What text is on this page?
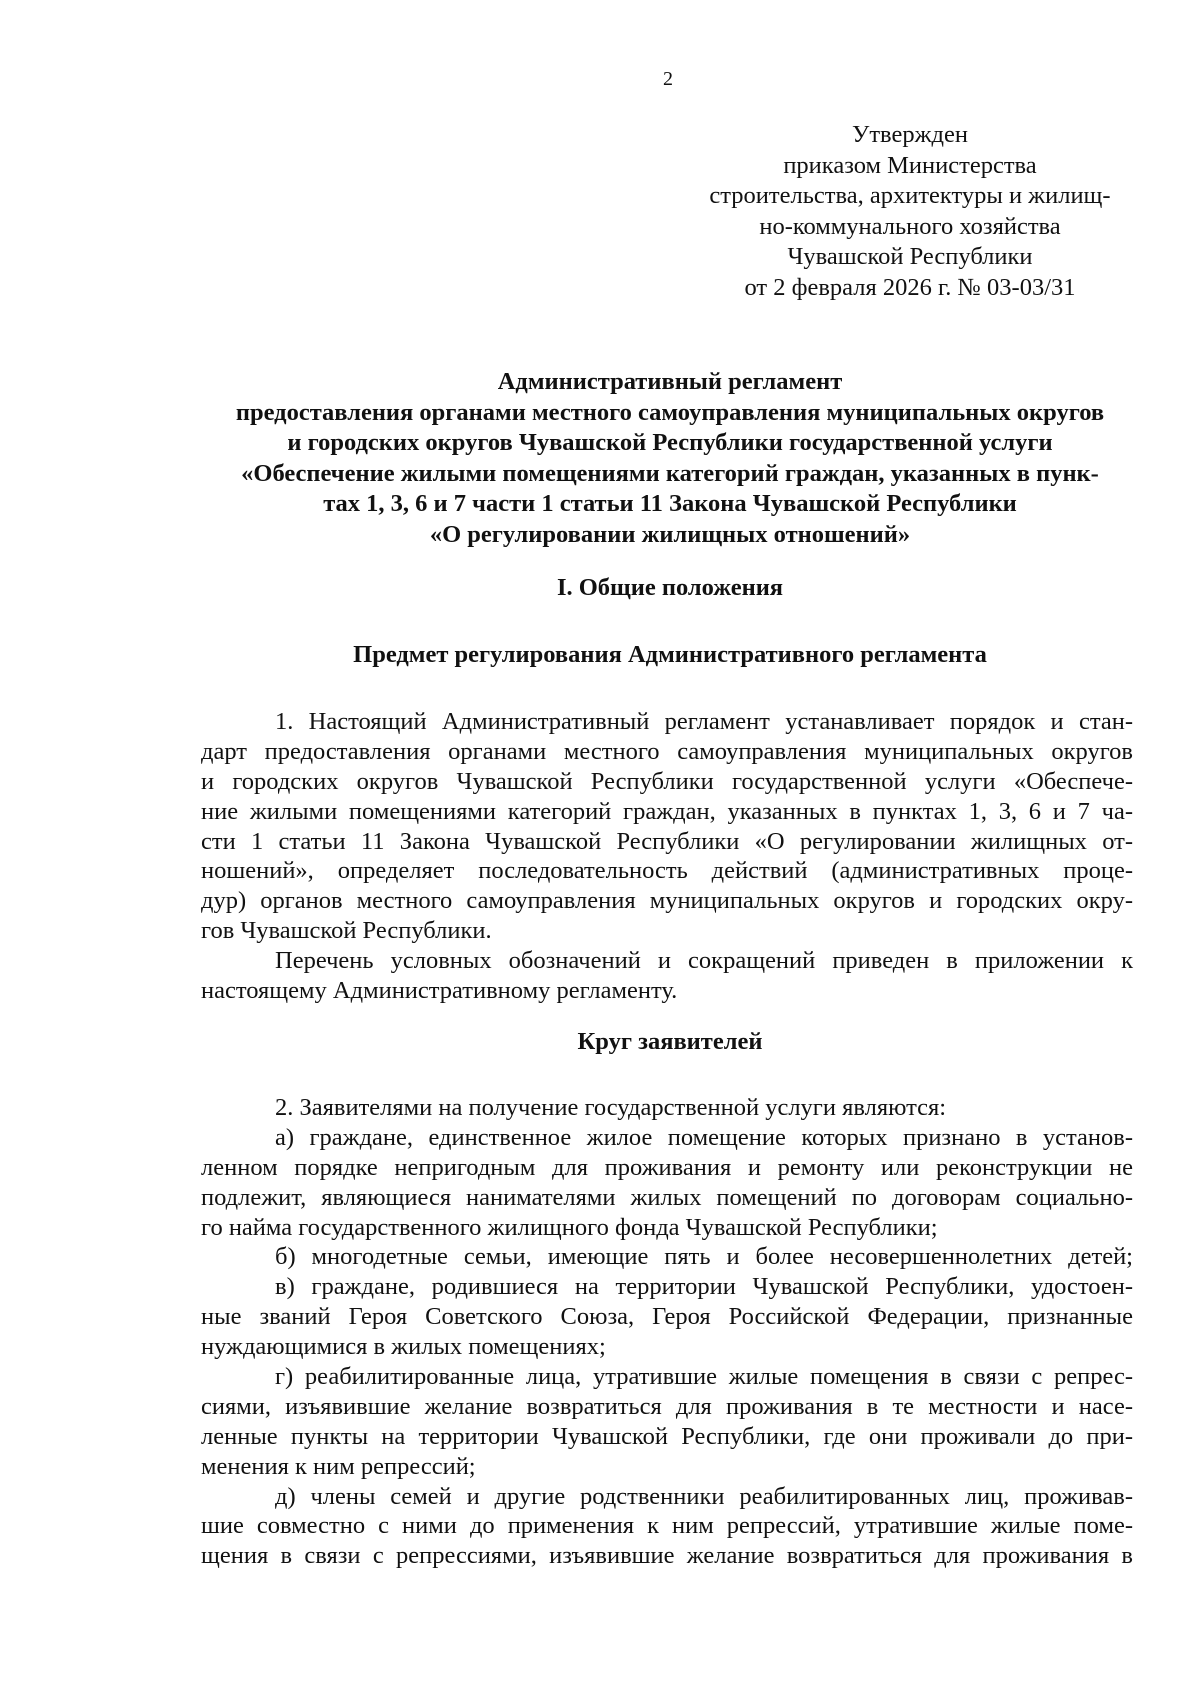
2
Утвержден
приказом Министерства
строительства, архитектуры и жилищ-
но-коммунального хозяйства
Чувашской Республики
от 2 февраля 2026 г. № 03-03/31
Административный регламент
предоставления органами местного самоуправления муниципальных округов
и городских округов Чувашской Республики государственной услуги
«Обеспечение жилыми помещениями категорий граждан, указанных в пунк-
тах 1, 3, 6 и 7 части 1 статьи 11 Закона Чувашской Республики
«О регулировании жилищных отношений»
I. Общие положения
Предмет регулирования Административного регламента
1. Настоящий Административный регламент устанавливает порядок и стан-
дарт предоставления органами местного самоуправления муниципальных округов
и городских округов Чувашской Республики государственной услуги «Обеспече-
ние жилыми помещениями категорий граждан, указанных в пунктах 1, 3, 6 и 7 ча-
сти 1 статьи 11 Закона Чувашской Республики «О регулировании жилищных от-
ношений», определяет последовательность действий (административных проце-
дур) органов местного самоуправления муниципальных округов и городских окру-
гов Чувашской Республики.
Перечень условных обозначений и сокращений приведен в приложении к
настоящему Административному регламенту.
Круг заявителей
2. Заявителями на получение государственной услуги являются:
а) граждане, единственное жилое помещение которых признано в установ-
ленном порядке непригодным для проживания и ремонту или реконструкции не
подлежит, являющиеся нанимателями жилых помещений по договорам социально-
го найма государственного жилищного фонда Чувашской Республики;
б) многодетные семьи, имеющие пять и более несовершеннолетних детей;
в) граждане, родившиеся на территории Чувашской Республики, удостоен-
ные званий Героя Советского Союза, Героя Российской Федерации, признанные
нуждающимися в жилых помещениях;
г) реабилитированные лица, утратившие жилые помещения в связи с репрес-
сиями, изъявившие желание возвратиться для проживания в те местности и насе-
ленные пункты на территории Чувашской Республики, где они проживали до при-
менения к ним репрессий;
д) члены семей и другие родственники реабилитированных лиц, проживав-
шие совместно с ними до применения к ним репрессий, утратившие жилые поме-
щения в связи с репрессиями, изъявившие желание возвратиться для проживания в
